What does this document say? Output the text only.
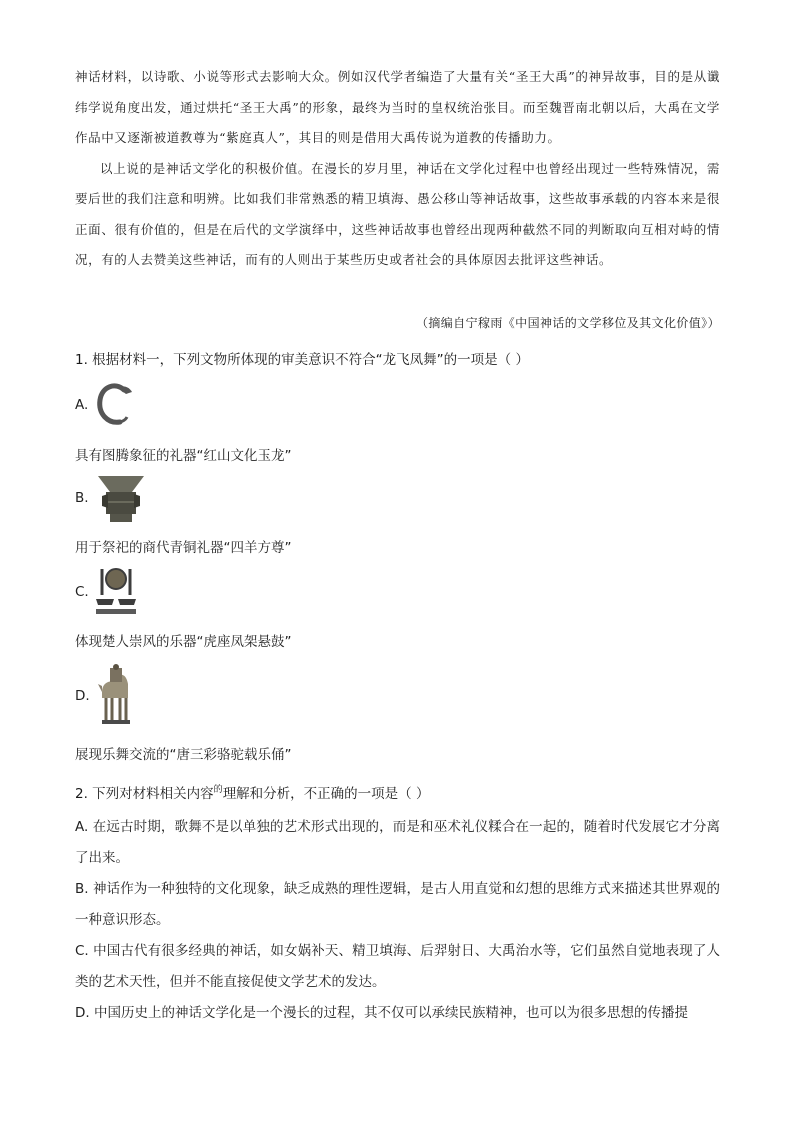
神话材料，以诗歌、小说等形式去影响大众。例如汉代学者编造了大量有关“圣王大禹”的神异故事，目的是从谶纬学说角度出发，通过烘托“圣王大禹”的形象，最终为当时的皇权统治张目。而至魏晋南北朝以后，大禹在文学作品中又逐渐被道教尊为“紫庭真人”，其目的则是借用大禹传说为道教的传播助力。

以上说的是神话文学化的积极价值。在漫长的岁月里，神话在文学化过程中也曾经出现过一些特殊情况，需要后世的我们注意和明辨。比如我们非常熟悉的精卫填海、愚公移山等神话故事，这些故事承载的内容本来是很正面、很有价值的，但是在后代的文学演绎中，这些神话故事也曾经出现两种截然不同的判断取向互相对峙的情况，有的人去赞美这些神话，而有的人则出于某些历史或者社会的具体原因去批评这些神话。

（摘编自宁稼雨《中国神话的文学移位及其文化价值》）
1. 根据材料一，下列文物所体现的审美意识不符合“龙飞凤舞”的一项是（ ）
A.
具有图腾象征的礼器“红山文化玉龙”
B.
用于祭祀的商代青铜礼器“四羊方尊”
C.
体现楚人崇风的乐器“虎座凤架悬鼓”
D.
展现乐舞交流的“唐三彩骆驼载乐俑”
2. 下列对材料相关内容$^的$理解和分析，不正确的一项是（ ）
A. 在远古时期，歌舞不是以单独的艺术形式出现的，而是和巫术礼仪糅合在一起的，随着时代发展它才分离了出来。
B. 神话作为一种独特的文化现象，缺乏成熟的理性逻辑，是古人用直觉和幻想的思维方式来描述其世界观的一种意识形态。
C. 中国古代有很多经典的神话，如女娲补天、精卫填海、后羿射日、大禹治水等，它们虽然自觉地表现了人类的艺术天性，但并不能直接促使文学艺术的发达。
D. 中国历史上的神话文学化是一个漫长的过程，其不仅可以承续民族精神，也可以为很多思想的传播提
